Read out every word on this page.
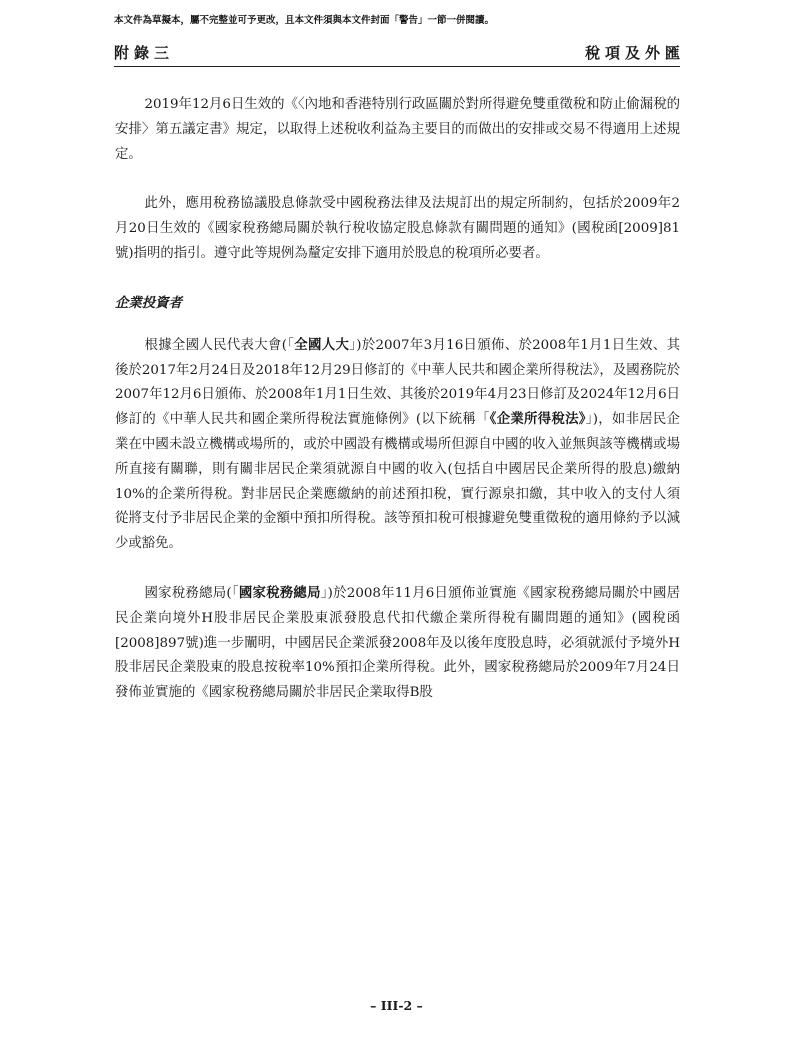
本文件為草擬本，屬不完整並可予更改，且本文件須與本文件封面「警告」一節一併閱讀。
附錄三	稅項及外匯

2019年12月6日生效的《〈內地和香港特別行政區關於對所得避免雙重徵稅和防止偷漏稅的安排〉第五議定書》規定，以取得上述稅收利益為主要目的而做出的安排或交易不得適用上述規定。

此外，應用稅務協議股息條款受中國稅務法律及法規訂出的規定所制約，包括於2009年2月20日生效的《國家稅務總局關於執行稅收協定股息條款有關問題的通知》(國稅函[2009]81號)指明的指引。遵守此等規例為釐定安排下適用於股息的稅項所必要者。

企業投資者

根據全國人民代表大會(「全國人大」)於2007年3月16日頒佈、於2008年1月1日生效、其後於2017年2月24日及2018年12月29日修訂的《中華人民共和國企業所得稅法》，及國務院於2007年12月6日頒佈、於2008年1月1日生效、其後於2019年4月23日修訂及2024年12月6日修訂的《中華人民共和國企業所得稅法實施條例》(以下統稱「《企業所得稅法》」)，如非居民企業在中國未設立機構或場所的，或於中國設有機構或場所但源自中國的收入並無與該等機構或場所直接有關聯，則有關非居民企業須就源自中國的收入(包括自中國居民企業所得的股息)繳納10%的企業所得稅。對非居民企業應繳納的前述預扣稅，實行源泉扣繳，其中收入的支付人須從將支付予非居民企業的金額中預扣所得稅。該等預扣稅可根據避免雙重徵稅的適用條約予以減少或豁免。

國家稅務總局(「國家稅務總局」)於2008年11月6日頒佈並實施《國家稅務總局關於中國居民企業向境外H股非居民企業股東派發股息代扣代繳企業所得稅有關問題的通知》(國稅函[2008]897號)進一步闡明，中國居民企業派發2008年及以後年度股息時，必須就派付予境外H股非居民企業股東的股息按稅率10%預扣企業所得稅。此外，國家稅務總局於2009年7月24日發佈並實施的《國家稅務總局關於非居民企業取得B股

– III-2 –
